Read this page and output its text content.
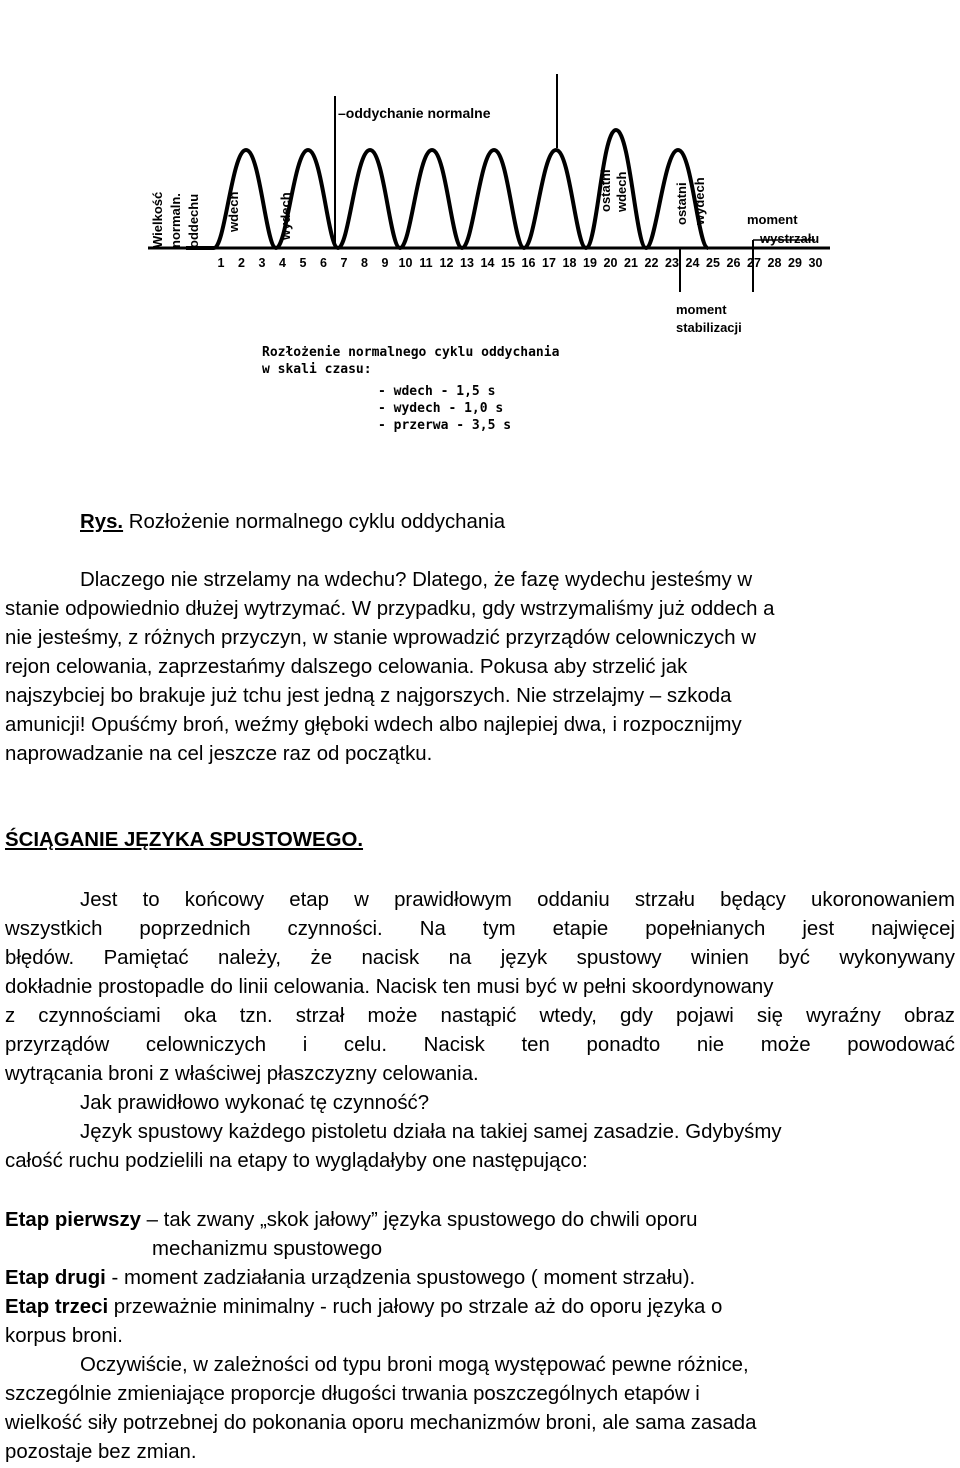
–oddychanie normalne
Wielkość normaln. oddechu wdech	wydech
ostatni wdech	ostatni wydech	moment
wystrzału
moment
stabilizacji
1 2 3 4 5 6 7 8 9 10 11 12 13 14 15 16 17 18 19 20 21 22 23 24 25 26 27 28 29 30
Rozłożenie normalnego cyklu oddychania
w skali czasu:
- wdech - 1,5 s
- wydech - 1,0 s
- przerwa - 3,5 s

Rys. Rozłożenie normalnego cyklu oddychania

Dlaczego nie strzelamy na wdechu? Dlatego, że fazę wydechu jesteśmy w

stanie odpowiednio dłużej wytrzymać. W przypadku, gdy wstrzymaliśmy już oddech a

nie jesteśmy, z różnych przyczyn, w stanie wprowadzić przyrządów celowniczych w

rejon celowania, zaprzestańmy dalszego celowania. Pokusa aby strzelić jak

najszybciej bo brakuje już tchu jest jedną z najgorszych. Nie strzelajmy – szkoda

amunicji! Opuśćmy broń, weźmy głęboki wdech albo najlepiej dwa, i rozpocznijmy

naprowadzanie na cel jeszcze raz od początku.

ŚCIĄGANIE JĘZYKA SPUSTOWEGO.

Jest to końcowy etap w prawidłowym oddaniu strzału będący ukoronowaniem

wszystkich poprzednich czynności. Na tym etapie popełnianych jest najwięcej

błędów. Pamiętać należy, że nacisk na język spustowy winien być wykonywany

dokładnie prostopadle do linii celowania. Nacisk ten musi być w pełni skoordynowany

z czynnościami oka tzn. strzał może nastąpić wtedy, gdy pojawi się wyraźny obraz

przyrządów celowniczych i celu. Nacisk ten ponadto nie może powodować

wytrącania broni z właściwej płaszczyzny celowania.

Jak prawidłowo wykonać tę czynność?

Język spustowy każdego pistoletu działa na takiej samej zasadzie. Gdybyśmy

całość ruchu podzielili na etapy to wyglądałyby one następująco:

Etap pierwszy – tak zwany „skok jałowy” języka spustowego do chwili oporu

mechanizmu spustowego

Etap drugi - moment zadziałania urządzenia spustowego ( moment strzału).

Etap trzeci przeważnie minimalny - ruch jałowy po strzale aż do oporu języka o

korpus broni.

Oczywiście, w zależności od typu broni mogą występować pewne różnice,

szczególnie zmieniające proporcje długości trwania poszczególnych etapów i

wielkość siły potrzebnej do pokonania oporu mechanizmów broni, ale sama zasada

pozostaje bez zmian.
